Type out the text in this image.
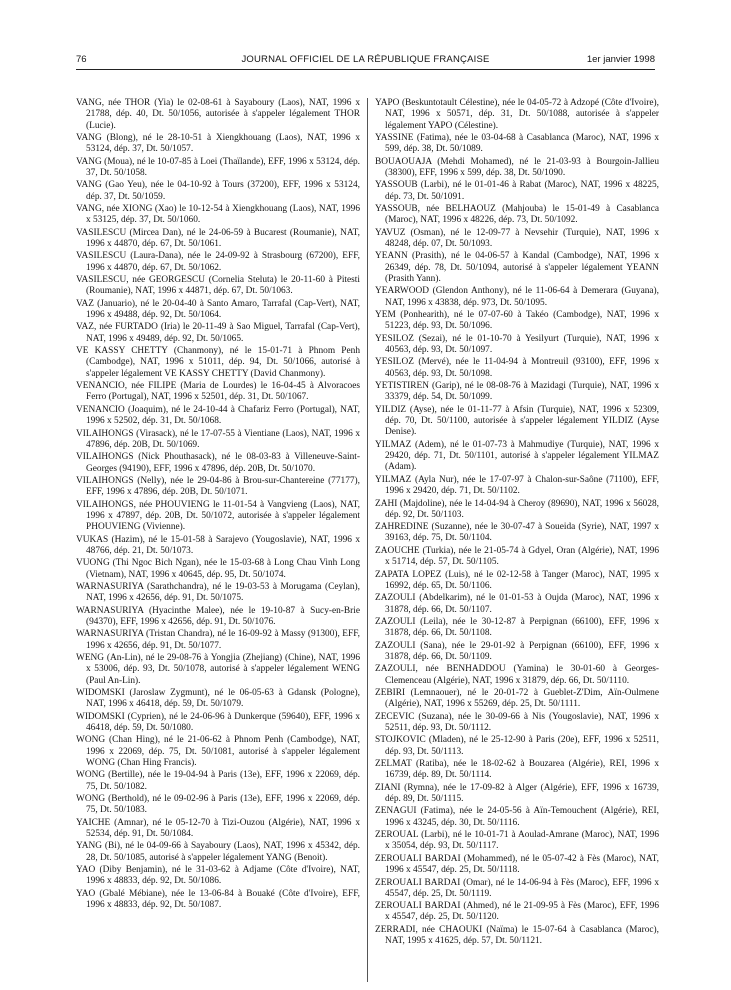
76	JOURNAL OFFICIEL DE LA RÉPUBLIQUE FRANÇAISE	1er janvier 1998

VANG, née THOR (Yia) le 02-08-61 à Sayaboury (Laos), NAT, 1996 x 21788, dép. 40, Dt. 50/1056, autorisée à s'appeler légalement THOR (Lucie).

VANG (Blong), né le 28-10-51 à Xiengkhouang (Laos), NAT, 1996 x 53124, dép. 37, Dt. 50/1057.

VANG (Moua), né le 10-07-85 à Loei (Thaïlande), EFF, 1996 x 53124, dép. 37, Dt. 50/1058.

VANG (Gao Yeu), née le 04-10-92 à Tours (37200), EFF, 1996 x 53124, dép. 37, Dt. 50/1059.

VANG, née XIONG (Xao) le 10-12-54 à Xiengkhouang (Laos), NAT, 1996 x 53125, dép. 37, Dt. 50/1060.

VASILESCU (Mircea Dan), né le 24-06-59 à Bucarest (Roumanie), NAT, 1996 x 44870, dép. 67, Dt. 50/1061.

VASILESCU (Laura-Dana), née le 24-09-92 à Strasbourg (67200), EFF, 1996 x 44870, dép. 67, Dt. 50/1062.

VASILESCU, née GEORGESCU (Cornelia Steluta) le 20-11-60 à Pitesti (Roumanie), NAT, 1996 x 44871, dép. 67, Dt. 50/1063.

VAZ (Januario), né le 20-04-40 à Santo Amaro, Tarrafal (Cap-Vert), NAT, 1996 x 49488, dép. 92, Dt. 50/1064.

VAZ, née FURTADO (Iria) le 20-11-49 à Sao Miguel, Tarrafal (Cap-Vert), NAT, 1996 x 49489, dép. 92, Dt. 50/1065.

VE KASSY CHETTY (Chanmony), né le 15-01-71 à Phnom Penh (Cambodge), NAT, 1996 x 51011, dép. 94, Dt. 50/1066, autorisé à s'appeler légalement VE KASSY CHETTY (David Chanmony).

VENANCIO, née FILIPE (Maria de Lourdes) le 16-04-45 à Alvoracoes Ferro (Portugal), NAT, 1996 x 52501, dép. 31, Dt. 50/1067.

VENANCIO (Joaquim), né le 24-10-44 à Chafariz Ferro (Portugal), NAT, 1996 x 52502, dép. 31, Dt. 50/1068.

VILAIHONGS (Virasack), né le 17-07-55 à Vientiane (Laos), NAT, 1996 x 47896, dép. 20B, Dt. 50/1069.

VILAIHONGS (Nick Phouthasack), né le 08-03-83 à Villeneuve-Saint-Georges (94190), EFF, 1996 x 47896, dép. 20B, Dt. 50/1070.

VILAIHONGS (Nelly), née le 29-04-86 à Brou-sur-Chantereine (77177), EFF, 1996 x 47896, dép. 20B, Dt. 50/1071.

VILAIHONGS, née PHOUVIENG le 11-01-54 à Vangvieng (Laos), NAT, 1996 x 47897, dép. 20B, Dt. 50/1072, autorisée à s'appeler légalement PHOUVIENG (Vivienne).

VUKAS (Hazim), né le 15-01-58 à Sarajevo (Yougoslavie), NAT, 1996 x 48766, dép. 21, Dt. 50/1073.

VUONG (Thi Ngoc Bich Ngan), née le 15-03-68 à Long Chau Vinh Long (Vietnam), NAT, 1996 x 40645, dép. 95, Dt. 50/1074.

WARNASURIYA (Sarathchandra), né le 19-03-53 à Morugama (Ceylan), NAT, 1996 x 42656, dép. 91, Dt. 50/1075.

WARNASURIYA (Hyacinthe Malee), née le 19-10-87 à Sucy-en-Brie (94370), EFF, 1996 x 42656, dép. 91, Dt. 50/1076.

WARNASURIYA (Tristan Chandra), né le 16-09-92 à Massy (91300), EFF, 1996 x 42656, dép. 91, Dt. 50/1077.

WENG (An-Lin), né le 29-08-76 à Yongjia (Zhejiang) (Chine), NAT, 1996 x 53006, dép. 93, Dt. 50/1078, autorisé à s'appeler légalement WENG (Paul An-Lin).

WIDOMSKI (Jaroslaw Zygmunt), né le 06-05-63 à Gdansk (Pologne), NAT, 1996 x 46418, dép. 59, Dt. 50/1079.

WIDOMSKI (Cyprien), né le 24-06-96 à Dunkerque (59640), EFF, 1996 x 46418, dép. 59, Dt. 50/1080.

WONG (Chan Hing), né le 21-06-62 à Phnom Penh (Cambodge), NAT, 1996 x 22069, dép. 75, Dt. 50/1081, autorisé à s'appeler légalement WONG (Chan Hing Francis).

WONG (Bertille), née le 19-04-94 à Paris (13e), EFF, 1996 x 22069, dép. 75, Dt. 50/1082.

WONG (Berthold), né le 09-02-96 à Paris (13e), EFF, 1996 x 22069, dép. 75, Dt. 50/1083.

YAICHE (Amnar), né le 05-12-70 à Tizi-Ouzou (Algérie), NAT, 1996 x 52534, dép. 91, Dt. 50/1084.

YANG (Bi), né le 04-09-66 à Sayaboury (Laos), NAT, 1996 x 45342, dép. 28, Dt. 50/1085, autorisé à s'appeler légalement YANG (Benoit).

YAO (Diby Benjamin), né le 31-03-62 à Adjame (Côte d'Ivoire), NAT, 1996 x 48833, dép. 92, Dt. 50/1086.

YAO (Gbalé Mébiane), née le 13-06-84 à Bouaké (Côte d'Ivoire), EFF, 1996 x 48833, dép. 92, Dt. 50/1087.

YAPO (Beskuntotault Célestine), née le 04-05-72 à Adzopé (Côte d'Ivoire), NAT, 1996 x 50571, dép. 31, Dt. 50/1088, autorisée à s'appeler légalement YAPO (Célestine).

YASSINE (Fatima), née le 03-04-68 à Casablanca (Maroc), NAT, 1996 x 599, dép. 38, Dt. 50/1089.

BOUAOUAJA (Mehdi Mohamed), né le 21-03-93 à Bourgoin-Jallieu (38300), EFF, 1996 x 599, dép. 38, Dt. 50/1090.

YASSOUB (Larbi), né le 01-01-46 à Rabat (Maroc), NAT, 1996 x 48225, dép. 73, Dt. 50/1091.

YASSOUB, née BELHAOUZ (Mahjouba) le 15-01-49 à Casablanca (Maroc), NAT, 1996 x 48226, dép. 73, Dt. 50/1092.

YAVUZ (Osman), né le 12-09-77 à Nevsehir (Turquie), NAT, 1996 x 48248, dép. 07, Dt. 50/1093.

YEANN (Prasith), né le 04-06-57 à Kandal (Cambodge), NAT, 1996 x 26349, dép. 78, Dt. 50/1094, autorisé à s'appeler légalement YEANN (Prasith Yann).

YEARWOOD (Glendon Anthony), né le 11-06-64 à Demerara (Guyana), NAT, 1996 x 43838, dép. 973, Dt. 50/1095.

YEM (Ponhearith), né le 07-07-60 à Takéo (Cambodge), NAT, 1996 x 51223, dép. 93, Dt. 50/1096.

YESILOZ (Sezai), né le 01-10-70 à Yesilyurt (Turquie), NAT, 1996 x 40563, dép. 93, Dt. 50/1097.

YESILOZ (Mervé), née le 11-04-94 à Montreuil (93100), EFF, 1996 x 40563, dép. 93, Dt. 50/1098.

YETISTIREN (Garip), né le 08-08-76 à Mazidagi (Turquie), NAT, 1996 x 33379, dép. 54, Dt. 50/1099.

YILDIZ (Ayse), née le 01-11-77 à Afsin (Turquie), NAT, 1996 x 52309, dép. 70, Dt. 50/1100, autorisée à s'appeler légalement YILDIZ (Ayse Denise).

YILMAZ (Adem), né le 01-07-73 à Mahmudiye (Turquie), NAT, 1996 x 29420, dép. 71, Dt. 50/1101, autorisé à s'appeler légalement YILMAZ (Adam).

YILMAZ (Ayla Nur), née le 17-07-97 à Chalon-sur-Saône (71100), EFF, 1996 x 29420, dép. 71, Dt. 50/1102.

ZAHI (Majdoline), née le 14-04-94 à Cheroy (89690), NAT, 1996 x 56028, dép. 92, Dt. 50/1103.

ZAHREDINE (Suzanne), née le 30-07-47 à Soueida (Syrie), NAT, 1997 x 39163, dép. 75, Dt. 50/1104.

ZAOUCHE (Turkia), née le 21-05-74 à Gdyel, Oran (Algérie), NAT, 1996 x 51714, dép. 57, Dt. 50/1105.

ZAPATA LOPEZ (Luis), né le 02-12-58 à Tanger (Maroc), NAT, 1995 x 16992, dép. 65, Dt. 50/1106.

ZAZOULI (Abdelkarim), né le 01-01-53 à Oujda (Maroc), NAT, 1996 x 31878, dép. 66, Dt. 50/1107.

ZAZOULI (Leila), née le 30-12-87 à Perpignan (66100), EFF, 1996 x 31878, dép. 66, Dt. 50/1108.

ZAZOULI (Sana), née le 29-01-92 à Perpignan (66100), EFF, 1996 x 31878, dép. 66, Dt. 50/1109.

ZAZOULI, née BENHADDOU (Yamina) le 30-01-60 à Georges-Clemenceau (Algérie), NAT, 1996 x 31879, dép. 66, Dt. 50/1110.

ZEBIRI (Lemnaouer), né le 20-01-72 à Gueblet-Z'Dim, Aïn-Oulmene (Algérie), NAT, 1996 x 55269, dép. 25, Dt. 50/1111.

ZECEVIC (Suzana), née le 30-09-66 à Nis (Yougoslavie), NAT, 1996 x 52511, dép. 93, Dt. 50/1112.

STOJKOVIC (Mladen), né le 25-12-90 à Paris (20e), EFF, 1996 x 52511, dép. 93, Dt. 50/1113.

ZELMAT (Ratiba), née le 18-02-62 à Bouzarea (Algérie), REI, 1996 x 16739, dép. 89, Dt. 50/1114.

ZIANI (Rymna), née le 17-09-82 à Alger (Algérie), EFF, 1996 x 16739, dép. 89, Dt. 50/1115.

ZENAGUI (Fatima), née le 24-05-56 à Aïn-Temouchent (Algérie), REI, 1996 x 43245, dép. 30, Dt. 50/1116.

ZEROUAL (Larbi), né le 10-01-71 à Aoulad-Amrane (Maroc), NAT, 1996 x 35054, dép. 93, Dt. 50/1117.

ZEROUALI BARDAI (Mohammed), né le 05-07-42 à Fès (Maroc), NAT, 1996 x 45547, dép. 25, Dt. 50/1118.

ZEROUALI BARDAI (Omar), né le 14-06-94 à Fès (Maroc), EFF, 1996 x 45547, dép. 25, Dt. 50/1119.

ZEROUALI BARDAI (Ahmed), né le 21-09-95 à Fès (Maroc), EFF, 1996 x 45547, dép. 25, Dt. 50/1120.

ZERRADI, née CHAOUKI (Naïma) le 15-07-64 à Casablanca (Maroc), NAT, 1995 x 41625, dép. 57, Dt. 50/1121.
